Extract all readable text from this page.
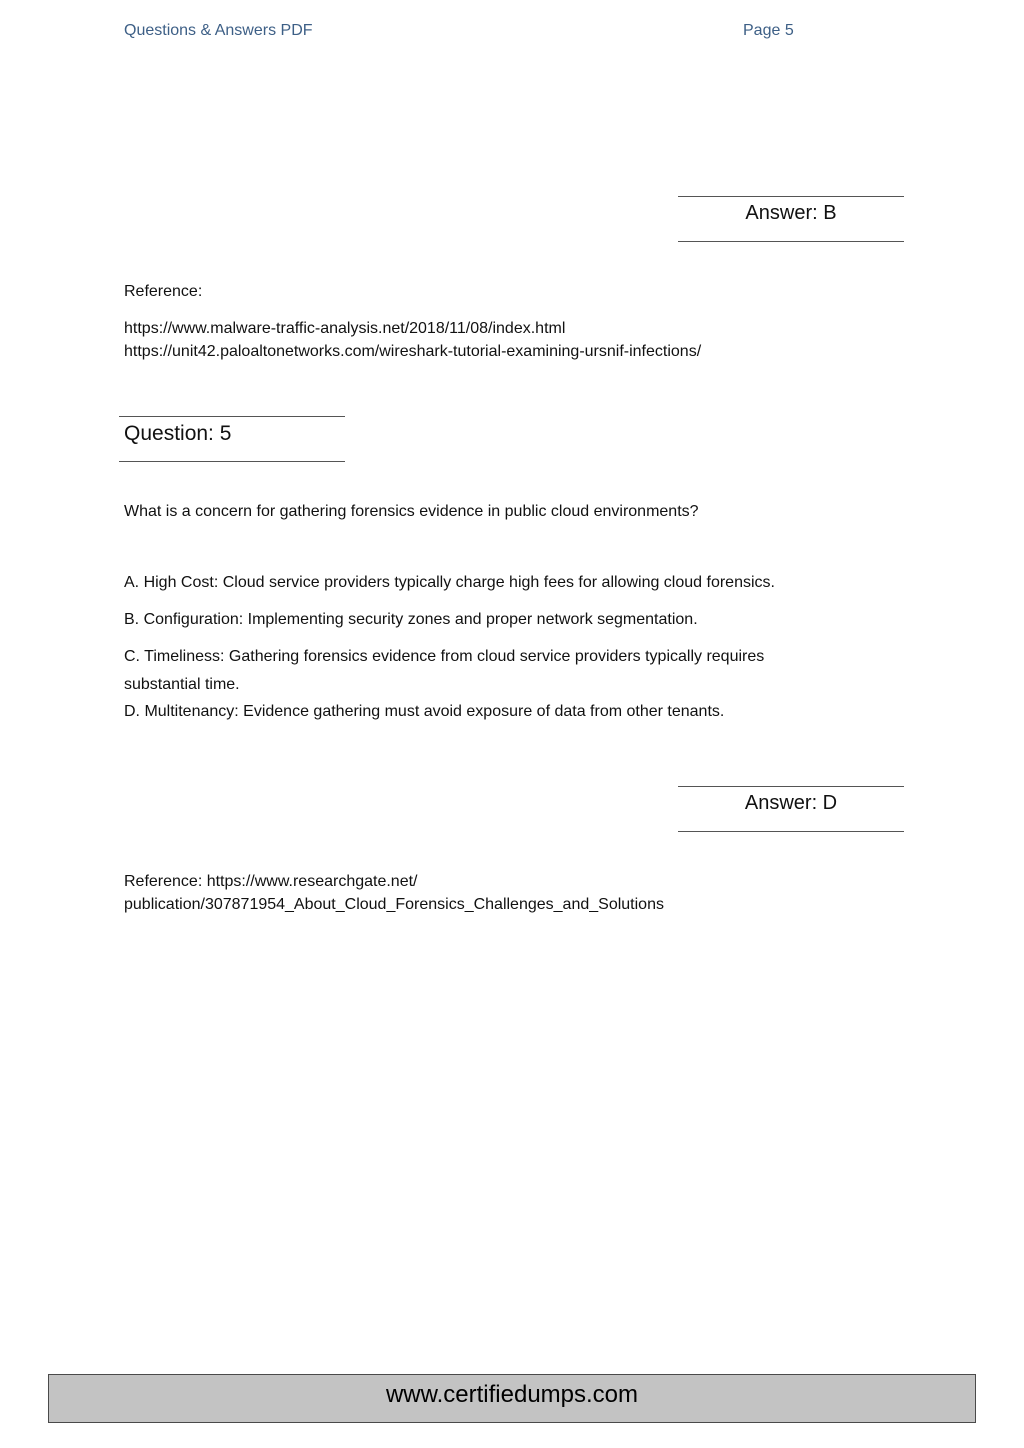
Questions & Answers PDF	Page 5
Answer: B
Reference:
https://www.malware-traffic-analysis.net/2018/11/08/index.html
https://unit42.paloaltonetworks.com/wireshark-tutorial-examining-ursnif-infections/
Question: 5
What is a concern for gathering forensics evidence in public cloud environments?
A. High Cost: Cloud service providers typically charge high fees for allowing cloud forensics.
B. Configuration: Implementing security zones and proper network segmentation.
C. Timeliness: Gathering forensics evidence from cloud service providers typically requires
substantial time.
D. Multitenancy: Evidence gathering must avoid exposure of data from other tenants.
Answer: D
Reference: https://www.researchgate.net/
publication/307871954_About_Cloud_Forensics_Challenges_and_Solutions
www.certifiedumps.com
